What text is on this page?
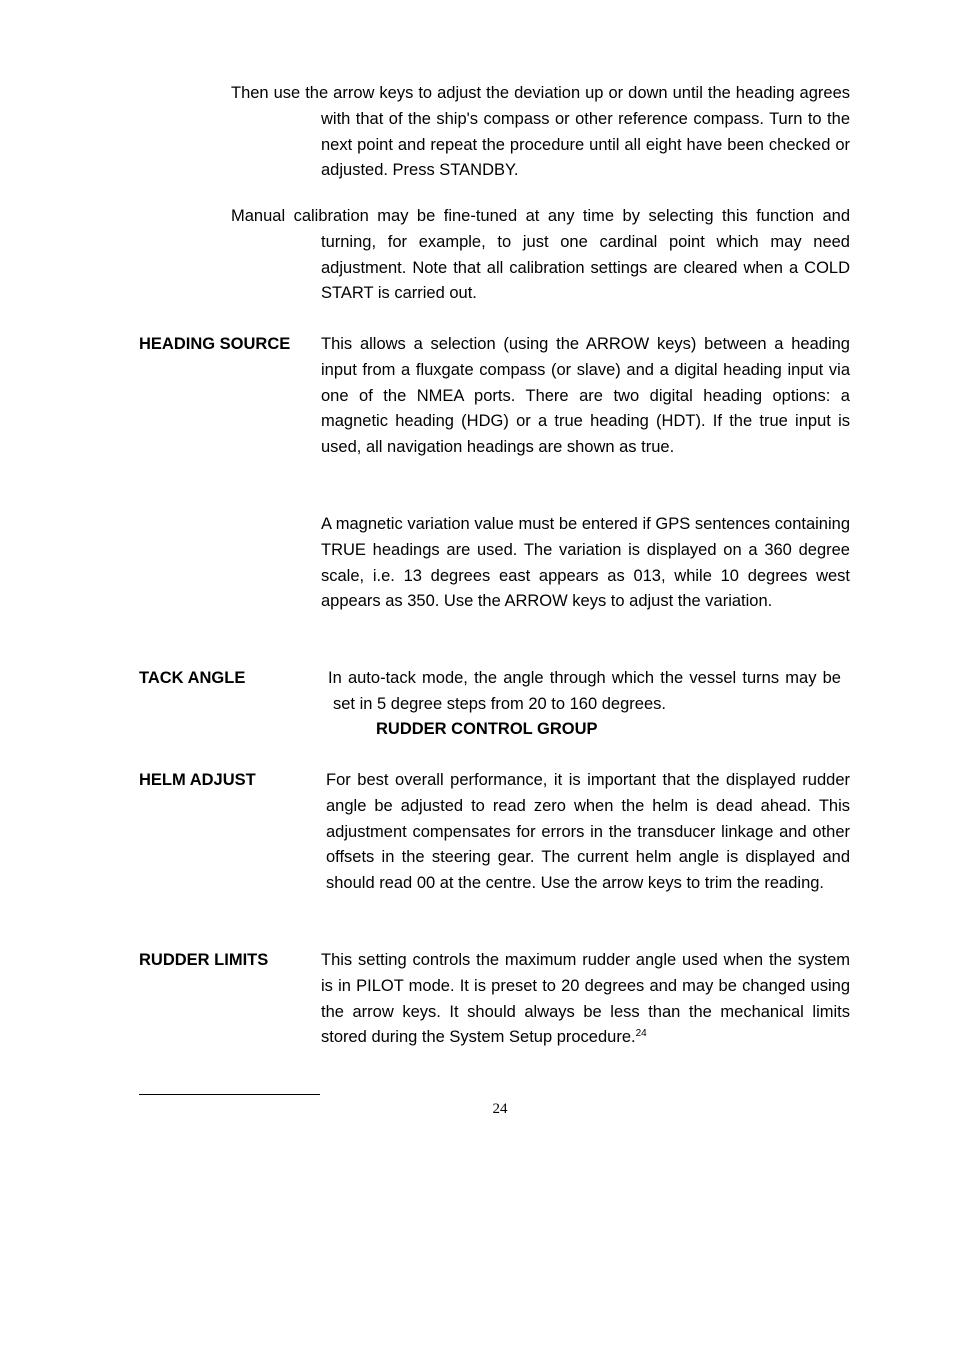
Then use the arrow keys to adjust the deviation up or down until the heading agrees with that of the ship's compass or other reference compass. Turn to the next point and repeat the procedure until all eight have been checked or adjusted. Press STANDBY.

Manual calibration may be fine-tuned at any time by selecting this function and turning, for example, to just one cardinal point which may need adjustment. Note that all calibration settings are cleared when a COLD START is carried out.

HEADING SOURCE This allows a selection (using the ARROW keys) between a heading input from a fluxgate compass (or slave) and a digital heading input via one of the NMEA ports. There are two digital heading options: a magnetic heading (HDG) or a true heading (HDT). If the true input is used, all navigation headings are shown as true.

A magnetic variation value must be entered if GPS sentences containing TRUE headings are used. The variation is displayed on a 360 degree scale, i.e. 13 degrees east appears as 013, while 10 degrees west appears as 350. Use the ARROW keys to adjust the variation.

TACK ANGLE	In auto-tack mode, the angle through which the vessel turns may be set in 5 degree steps from 20 to 160 degrees.

RUDDER CONTROL GROUP
HELM ADJUST	For best overall performance, it is important that the displayed rudder angle be adjusted to read zero when the helm is dead ahead. This adjustment compensates for errors in the transducer linkage and other offsets in the steering gear. The current helm angle is displayed and should read 00 at the centre. Use the arrow keys to trim the reading.

RUDDER LIMITS	This setting controls the maximum rudder angle used when the system is in PILOT mode. It is preset to 20 degrees and may be changed using the arrow keys. It should always be less than the mechanical limits stored during the System Setup procedure.$^{24}$

24
